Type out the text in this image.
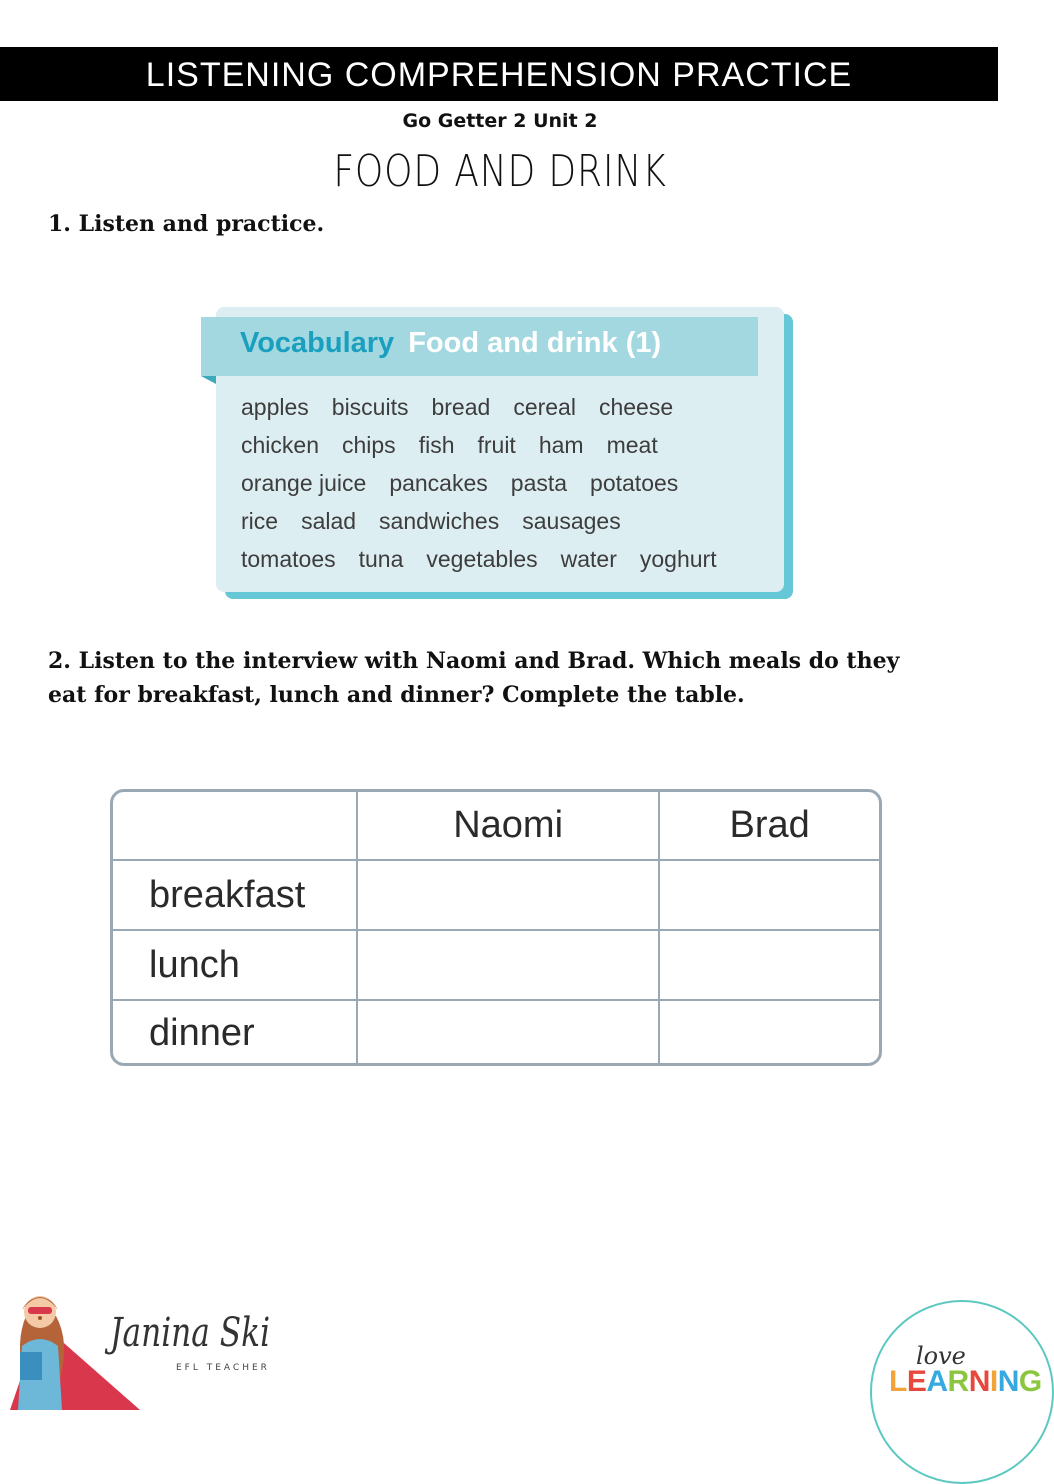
LISTENING COMPREHENSION PRACTICE
Go Getter 2 Unit 2
FOOD AND DRINK
1. Listen and practice.
Vocabulary Food and drink (1)
apples biscuits bread cereal cheese
chicken chips fish fruit ham meat
orange juice pancakes pasta potatoes
rice salad sandwiches sausages
tomatoes tuna vegetables water yoghurt
2. Listen to the interview with Naomi and Brad. Which meals do they
eat for breakfast, lunch and dinner? Complete the table.
	Naomi	Brad
breakfast		
lunch		
dinner		
Janina Ski
EFL TEACHER	love
LEARNING
